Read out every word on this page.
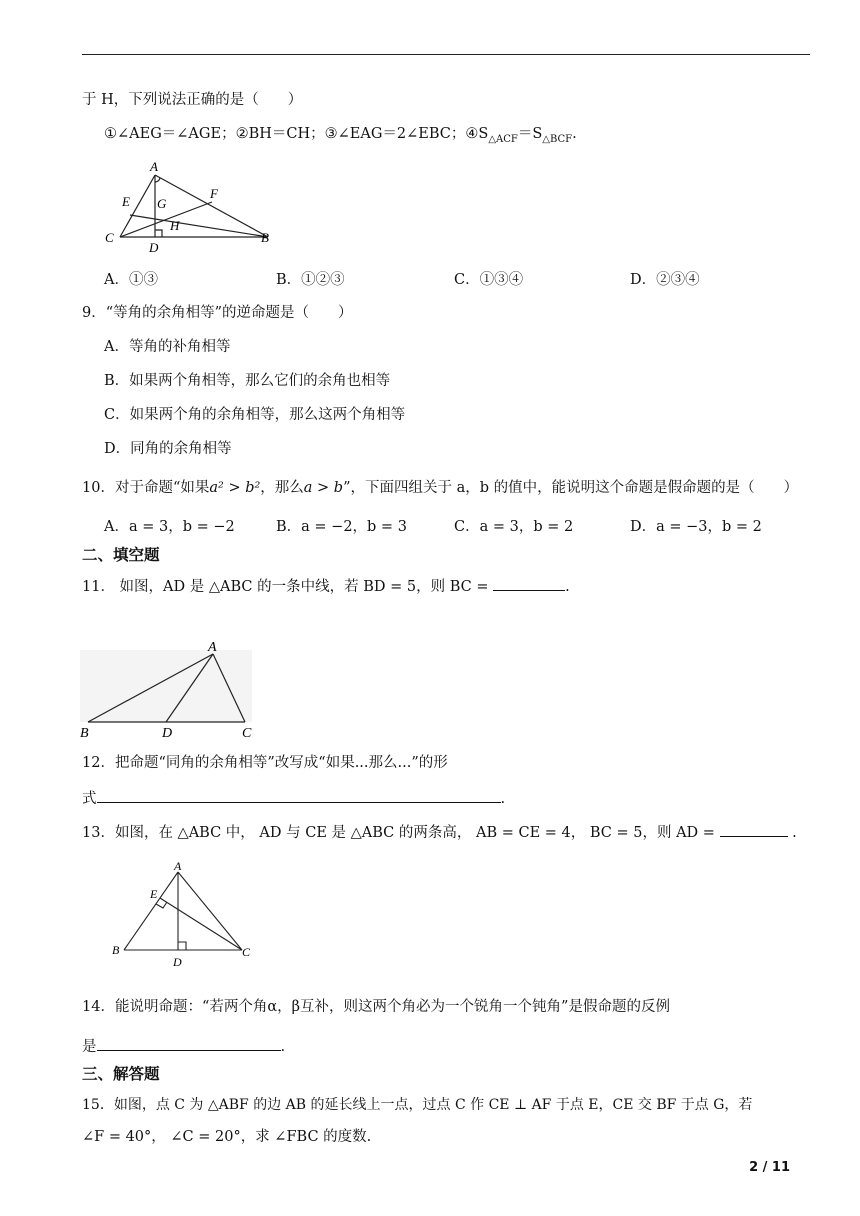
于 H，下列说法正确的是（　　）
①∠AEG＝∠AGE；②BH＝CH；③∠EAG＝2∠EBC；$④S_{\triangle ACF}=S_{\triangle BCF}$.
A
E
F
G
H
C
D
B
A．①③	B．①②③	C．①③④	D．②③④
9．“等角的余角相等”的逆命题是（　　）
A．等角的补角相等
B．如果两个角相等，那么它们的余角也相等
C．如果两个角的余角相等，那么这两个角相等
D．同角的余角相等
10．对于命题“如果a² > b²，那么a > b”，下面四组关于 a，b 的值中，能说明这个命题是假命题的是（　　）
A．a = 3，b = −2	B．a = −2，b = 3	C．a = 3，b = 2	D．a = −3，b = 2
二、填空题
11． 如图，AD 是 △ABC 的一条中线，若 BD = 5，则 BC =	.
A
B	D	C
12．把命题“同角的余角相等”改写成“如果...那么...”的形
式	.
13．如图，在 △ABC 中， AD 与 CE 是 △ABC 的两条高， AB = CE = 4， BC = 5，则 AD =	.
A
E
B
D
C
14．能说明命题：“若两个角α，β互补，则这两个角必为一个锐角一个钝角”是假命题的反例
是	.
三、解答题
15．如图，点 C 为 △ABF 的边 AB 的延长线上一点，过点 C 作 CE ⊥ AF 于点 E，CE 交 BF 于点 G，若
∠F = 40°， ∠C = 20°，求 ∠FBC 的度数.
2 / 11
